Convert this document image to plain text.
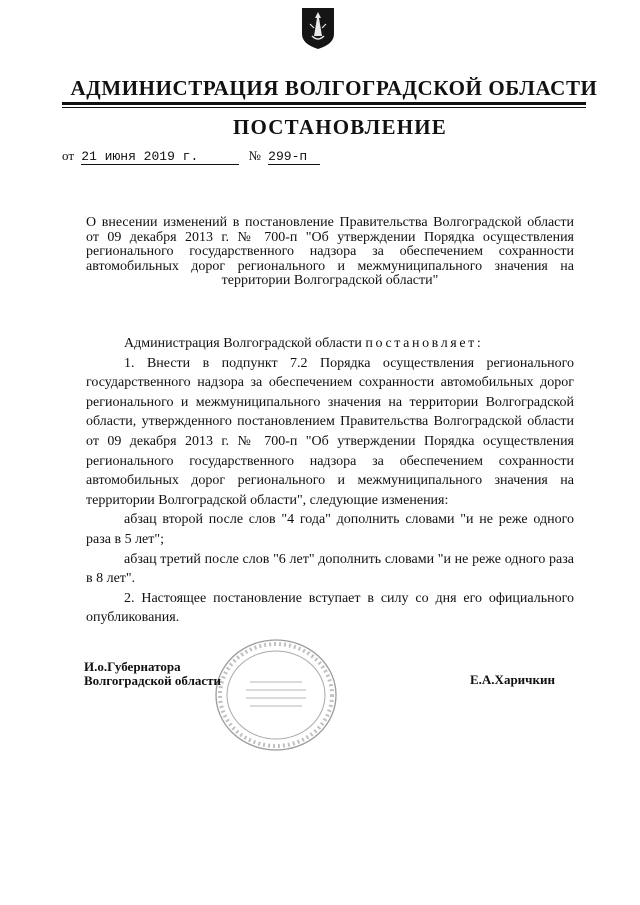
АДМИНИСТРАЦИЯ ВОЛГОГРАДСКОЙ ОБЛАСТИ
ПОСТАНОВЛЕНИЕ
от 21 июня 2019 г.	№ 299-п
О внесении изменений в постановление Правительства Волгоградской области от 09 декабря 2013 г. № 700-п "Об утверждении Порядка осуществления регионального государственного надзора за обеспечением сохранности автомобильных дорог регионального и межмуниципального значения на территории Волгоградской области"

Администрация Волгоградской области постановляет:

1. Внести в подпункт 7.2 Порядка осуществления регионального государственного надзора за обеспечением сохранности автомобильных дорог регионального и межмуниципального значения на территории Волгоградской области, утвержденного постановлением Правительства Волгоградской области от 09 декабря 2013 г. № 700-п "Об утверждении Порядка осуществления регионального государственного надзора за обеспечением сохранности автомобильных дорог регионального и межмуниципального значения на территории Волгоградской области", следующие изменения:

абзац второй после слов "4 года" дополнить словами "и не реже одного раза в 5 лет";

абзац третий после слов "6 лет" дополнить словами "и не реже одного раза в 8 лет".

2. Настоящее постановление вступает в силу со дня его официального опубликования.

И.о.Губернатора
Волгоградской области	Е.А.Харичкин
